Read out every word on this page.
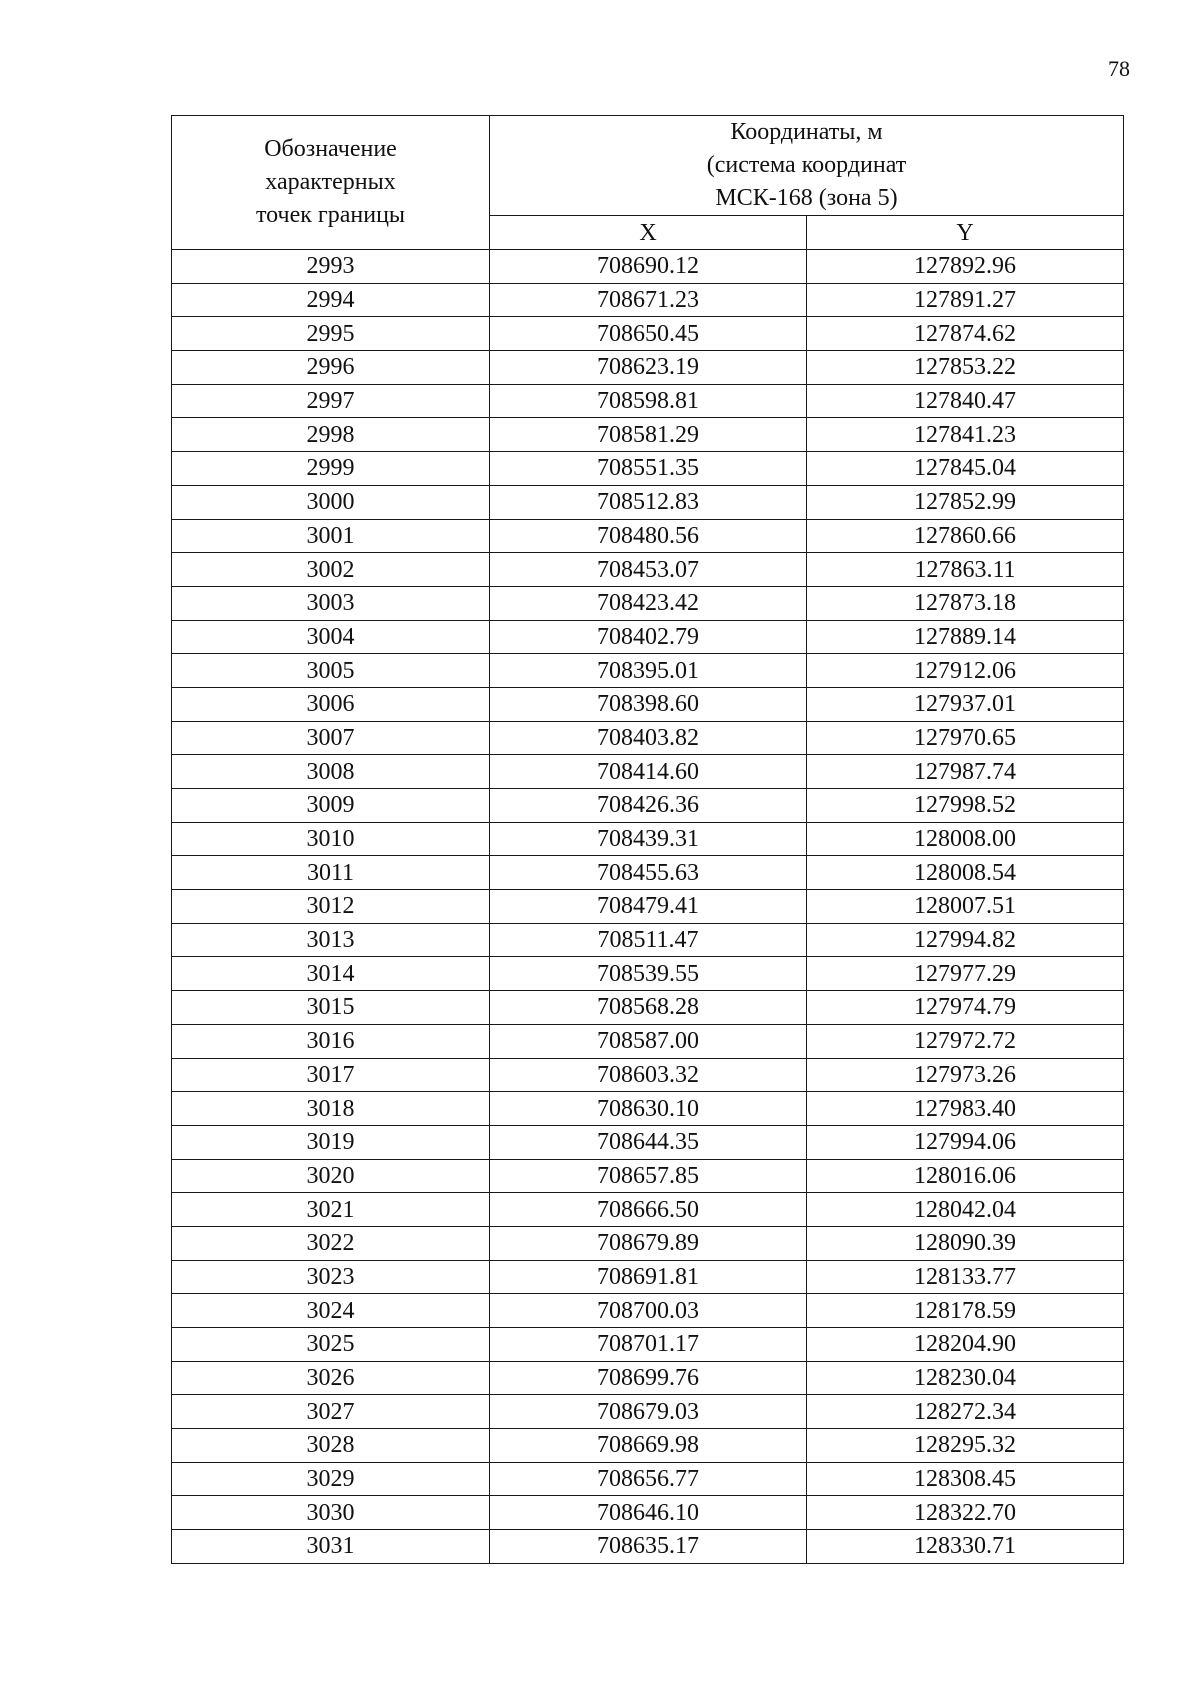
78
Обозначение
характерных
точек границы	Координаты, м
(система координат
МСК-168 (зона 5)	

	X	Y
2993	708690.12	127892.96
2994	708671.23	127891.27
2995	708650.45	127874.62
2996	708623.19	127853.22
2997	708598.81	127840.47
2998	708581.29	127841.23
2999	708551.35	127845.04
3000	708512.83	127852.99
3001	708480.56	127860.66
3002	708453.07	127863.11
3003	708423.42	127873.18
3004	708402.79	127889.14
3005	708395.01	127912.06
3006	708398.60	127937.01
3007	708403.82	127970.65
3008	708414.60	127987.74
3009	708426.36	127998.52
3010	708439.31	128008.00
3011	708455.63	128008.54
3012	708479.41	128007.51
3013	708511.47	127994.82
3014	708539.55	127977.29
3015	708568.28	127974.79
3016	708587.00	127972.72
3017	708603.32	127973.26
3018	708630.10	127983.40
3019	708644.35	127994.06
3020	708657.85	128016.06
3021	708666.50	128042.04
3022	708679.89	128090.39
3023	708691.81	128133.77
3024	708700.03	128178.59
3025	708701.17	128204.90
3026	708699.76	128230.04
3027	708679.03	128272.34
3028	708669.98	128295.32
3029	708656.77	128308.45
3030	708646.10	128322.70
3031	708635.17	128330.71
